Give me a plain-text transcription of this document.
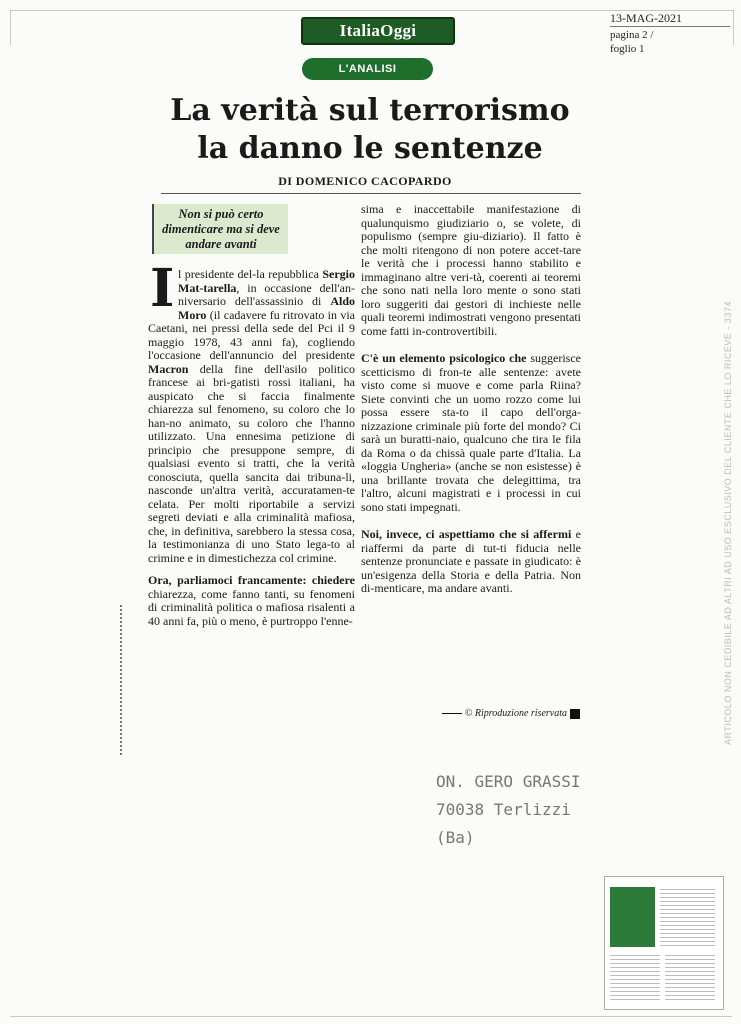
ItaliaOggi
13-MAG-2021
pagina 2 /
foglio 1
L'ANALISI
La verità sul terrorismo
la danno le sentenze
DI DOMENICO CACOPARDO
Non si può certo dimenticare ma si deve andare avanti
I l presidente del-la repubblica Sergio Mat-tarella, in occasione dell'an-niversario dell'assassinio di Aldo Moro (il cadavere fu ritrovato in via Caetani, nei pressi della sede del Pci il 9 maggio 1978, 43 anni fa), cogliendo l'occasione dell'annuncio del presidente Macron della fine dell'asilo politico francese ai bri-gatisti rossi italiani, ha auspicato che si faccia finalmente chiarezza sul fenomeno, su coloro che lo han-no animato, su coloro che l'hanno utilizzato. Una ennesima petizione di principio che presuppone sempre, di qualsiasi evento si tratti, che la verità conosciuta, quella sancita dai tribuna-li, nasconde un'altra verità, accuratamen-te celata. Per molti riportabile a servizi segreti deviati e alla criminalità mafiosa, che, in definitiva, sarebbero la stessa cosa, la testimonianza di uno Stato lega-to al crimine e in dimestichezza col crimine.

Ora, parliamoci francamente: chiedere chiarezza, come fanno tanti, su fenomeni di criminalità politica o mafiosa risalenti a 40 anni fa, più o meno, è purtroppo l'enne-

sima e inaccettabile manifestazione di qualunquismo giudiziario o, se volete, di populismo (sempre giu-diziario). Il fatto è che molti ritengono di non potere accet-tare le verità che i processi hanno stabilito e immaginano altre veri-tà, coerenti ai teoremi che sono nati nella loro mente o sono stati loro suggeriti dai gestori di inchieste nelle quali teoremi indimostrati vengono presentati come fatti in-controvertibili.

C'è un elemento psicologico che suggerisce scetticismo di fron-te alle sentenze: avete visto come si muove e come parla Riina? Siete convinti che un uomo rozzo come lui possa essere sta-to il capo dell'orga-nizzazione criminale più forte del mondo? Ci sarà un buratti-naio, qualcuno che tira le fila da Roma o da chissà quale parte d'Italia. La «loggia Ungheria» (anche se non esistesse) è una brillante trovata che delegittima, tra l'altro, alcuni magistrati e i processi in cui sono stati impegnati.

Noi, invece, ci aspettiamo che si affermi e riaffermi da parte di tut-ti fiducia nelle sentenze pronunciate e passate in giudicato: è un'esigenza della Storia e della Patria. Non di-menticare, ma andare avanti.

© Riproduzione riservata
ON. GERO GRASSI
70038 Terlizzi (Ba)
ARTICOLO NON CEDIBILE AD ALTRI AD USO ESCLUSIVO DEL CLIENTE CHE LO RICEVE - 3374
